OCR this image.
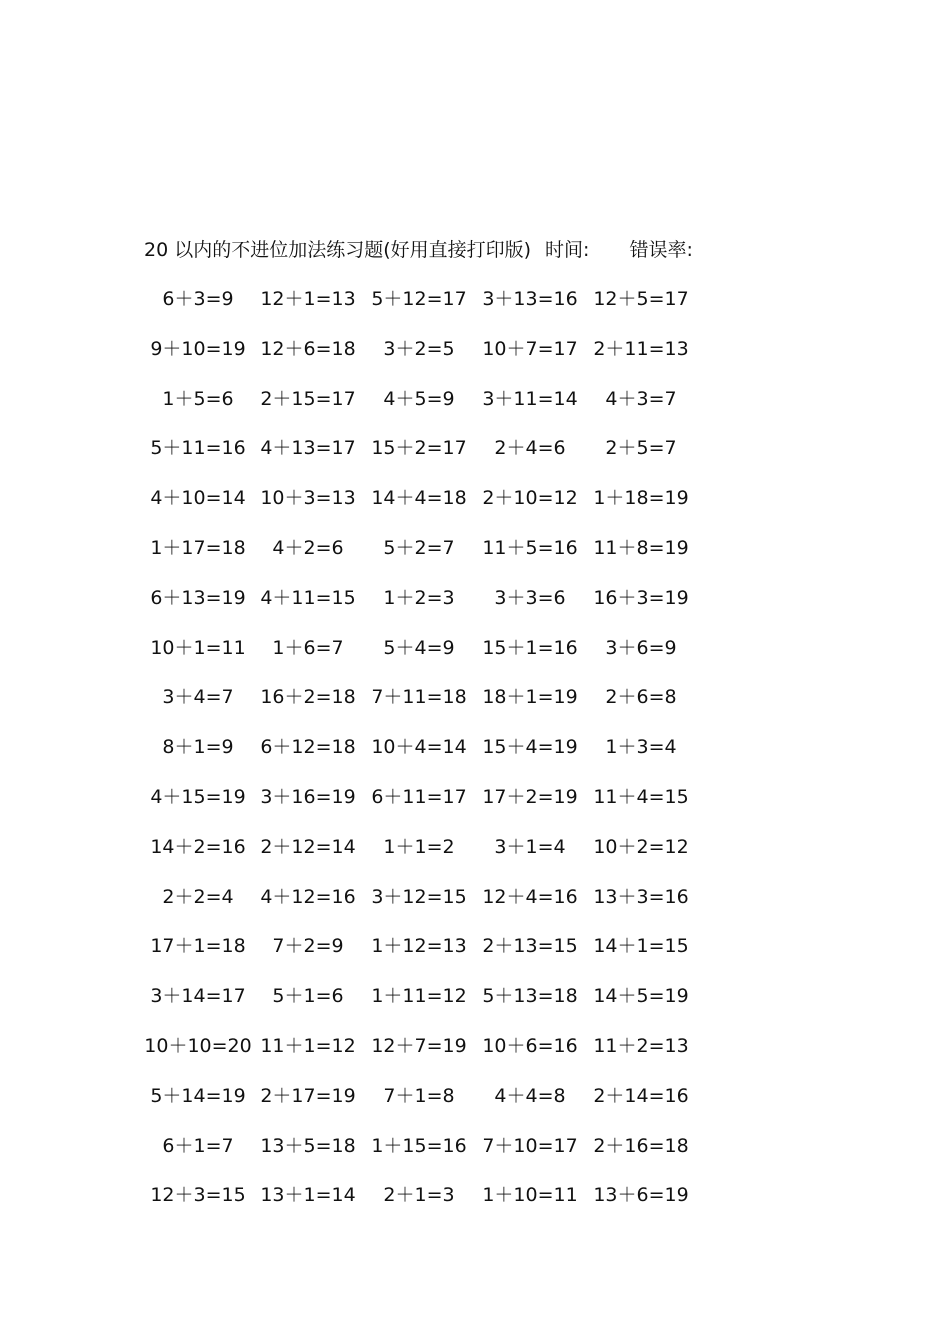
20 以内的不进位加法练习题(好用直接打印版) 时间: 错误率:
6＋3=9	12＋1=13 5＋12=17 3＋13=16 12＋5=17
9＋10=19 12＋6=18	3＋2=5	10＋7=17 2＋11=13
1＋5=6	2＋15=17	4＋5=9	3＋11=14	4＋3=7
5＋11=16 4＋13=17 15＋2=17	2＋4=6	2＋5=7
4＋10=14 10＋3=13 14＋4=18 2＋10=12 1＋18=19
1＋17=18	4＋2=6	5＋2=7	11＋5=16 11＋8=19
6＋13=19 4＋11=15	1＋2=3	3＋3=6	16＋3=19
10＋1=11	1＋6=7	5＋4=9	15＋1=16	3＋6=9
3＋4=7	16＋2=18 7＋11=18 18＋1=19	2＋6=8
8＋1=9	6＋12=18 10＋4=14 15＋4=19	1＋3=4
4＋15=19 3＋16=19 6＋11=17 17＋2=19 11＋4=15
14＋2=16 2＋12=14	1＋1=2	3＋1=4	10＋2=12
2＋2=4	4＋12=16 3＋12=15 12＋4=16 13＋3=16
17＋1=18	7＋2=9	1＋12=13 2＋13=15 14＋1=15
3＋14=17	5＋1=6	1＋11=12 5＋13=18 14＋5=19
10＋10=20 11＋1=12 12＋7=19 10＋6=16 11＋2=13
5＋14=19 2＋17=19	7＋1=8	4＋4=8	2＋14=16
6＋1=7	13＋5=18 1＋15=16 7＋10=17 2＋16=18
12＋3=15 13＋1=14	2＋1=3	1＋10=11 13＋6=19
